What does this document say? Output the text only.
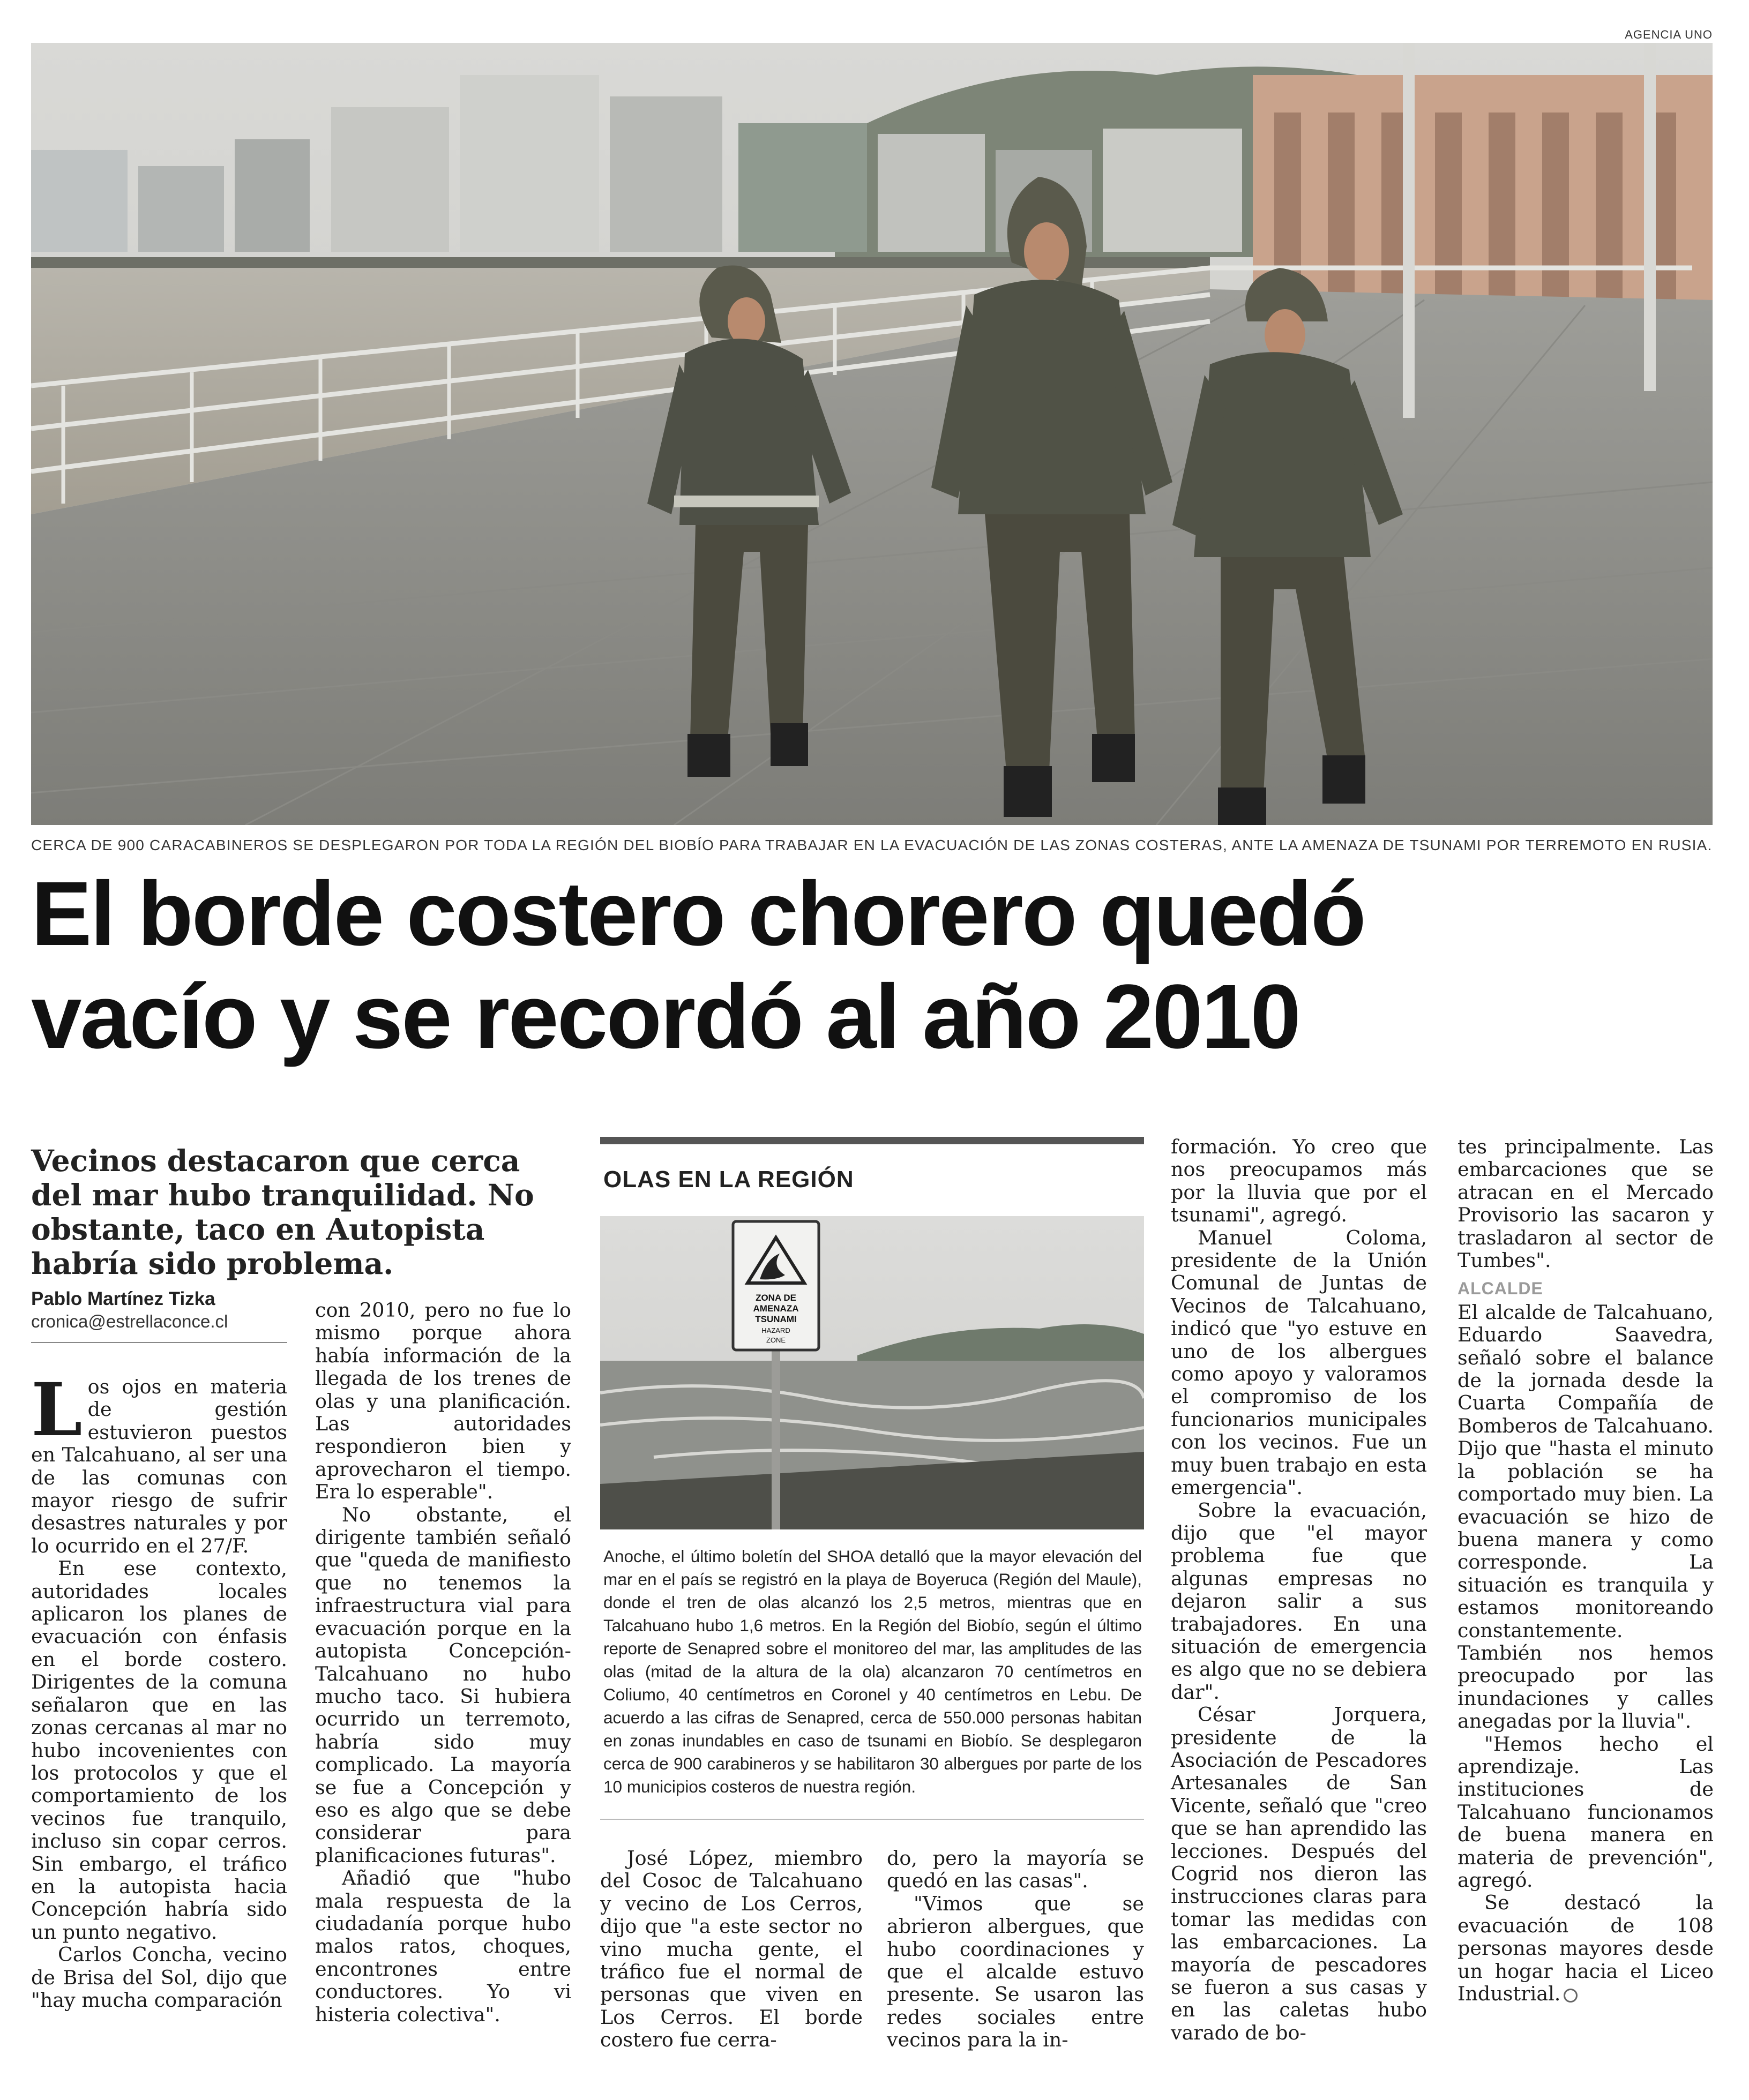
AGENCIA UNO
CERCA DE 900 CARACABINEROS SE DESPLEGARON POR TODA LA REGIÓN DEL BIOBÍO PARA TRABAJAR EN LA EVACUACIÓN DE LAS ZONAS COSTERAS, ANTE LA AMENAZA DE TSUNAMI POR TERREMOTO EN RUSIA.
El borde costero chorero quedó
vacío y se recordó al año 2010
Vecinos destacaron que cerca del mar hubo tranquilidad. No obstante, taco en Autopista habría sido problema.
Pablo Martínez Tizka
cronica@estrellaconce.cl

Los ojos en materia de gestión estuvieron puestos en Talcahuano, al ser una de las comunas con mayor riesgo de sufrir desastres naturales y por lo ocurrido en el 27/F.

En ese contexto, autoridades locales aplicaron los planes de evacuación con énfasis en el borde costero. Dirigentes de la comuna señalaron que en las zonas cercanas al mar no hubo incovenientes con los protocolos y que el comportamiento de los vecinos fue tranquilo, incluso sin copar cerros. Sin embargo, el tráfico en la autopista hacia Concepción habría sido un punto negativo.

Carlos Concha, vecino de Brisa del Sol, dijo que "hay mucha comparación

con 2010, pero no fue lo mismo porque ahora había información de la llegada de los trenes de olas y una planificación. Las autoridades respondieron bien y aprovecharon el tiempo. Era lo esperable".

No obstante, el dirigente también señaló que "queda de manifiesto que no tenemos la infraestructura vial para evacuación porque en la autopista Concepción-Talcahuano no hubo mucho taco. Si hubiera ocurrido un terremoto, habría sido muy complicado. La mayoría se fue a Concepción y eso es algo que se debe considerar para planificaciones futuras".

Añadió que "hubo mala respuesta de la ciudadanía porque hubo malos ratos, choques, encontrones entre conductores. Yo vi histeria colectiva".

OLAS EN LA REGIÓN
ZONA DE
AMENAZA
TSUNAMI
HAZARD
ZONE
Anoche, el último boletín del SHOA detalló que la mayor elevación del mar en el país se registró en la playa de Boyeruca (Región del Maule), donde el tren de olas alcanzó los 2,5 metros, mientras que en Talcahuano hubo 1,6 metros. En la Región del Biobío, según el último reporte de Senapred sobre el monitoreo del mar, las amplitudes de las olas (mitad de la altura de la ola) alcanzaron 70 centímetros en Coliumo, 40 centímetros en Coronel y 40 centímetros en Lebu. De acuerdo a las cifras de Senapred, cerca de 550.000 personas habitan en zonas inundables en caso de tsunami en Biobío. Se desplegaron cerca de 900 carabineros y se habilitaron 30 albergues por parte de los 10 municipios costeros de nuestra región.

José López, miembro del Cosoc de Talcahuano y vecino de Los Cerros, dijo que "a este sector no vino mucha gente, el tráfico fue el normal de personas que viven en Los Cerros. El borde costero fue cerra-

do, pero la mayoría se quedó en las casas".

"Vimos que se abrieron albergues, que hubo coordinaciones y que el alcalde estuvo presente. Se usaron las redes sociales entre vecinos para la in-

formación. Yo creo que nos preocupamos más por la lluvia que por el tsunami", agregó.

Manuel Coloma, presidente de la Unión Comunal de Juntas de Vecinos de Talcahuano, indicó que "yo estuve en uno de los albergues como apoyo y valoramos el compromiso de los funcionarios municipales con los vecinos. Fue un muy buen trabajo en esta emergencia".

Sobre la evacuación, dijo que "el mayor problema fue que algunas empresas no dejaron salir a sus trabajadores. En una situación de emergencia es algo que no se debiera dar".

César Jorquera, presidente de la Asociación de Pescadores Artesanales de San Vicente, señaló que "creo que se han aprendido las lecciones. Después del Cogrid nos dieron las instrucciones claras para tomar las medidas con las embarcaciones. La mayoría de pescadores se fueron a sus casas y en las caletas hubo varado de bo-

tes principalmente. Las embarcaciones que se atracan en el Mercado Provisorio las sacaron y trasladaron al sector de Tumbes".

ALCALDE

El alcalde de Talcahuano, Eduardo Saavedra, señaló sobre el balance de la jornada desde la Cuarta Compañía de Bomberos de Talcahuano. Dijo que "hasta el minuto la población se ha comportado muy bien. La evacuación se hizo de buena manera y como corresponde. La situación es tranquila y estamos monitoreando constantemente. También nos hemos preocupado por las inundaciones y calles anegadas por la lluvia".

"Hemos hecho el aprendizaje. Las instituciones de Talcahuano funcionamos de buena manera en materia de prevención", agregó.

Se destacó la evacuación de 108 personas mayores desde un hogar hacia el Liceo Industrial.
